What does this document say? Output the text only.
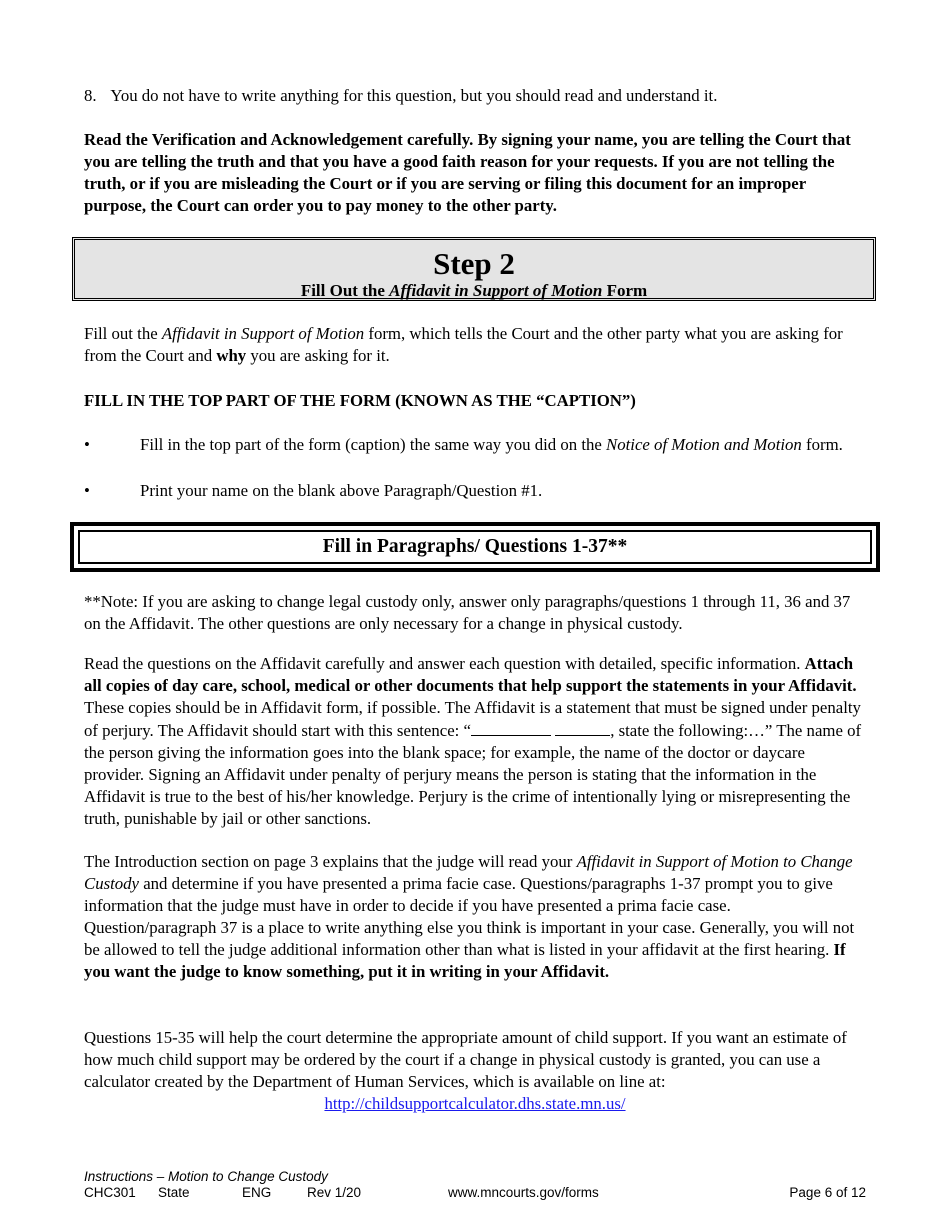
8. You do not have to write anything for this question, but you should read and understand it.

Read the Verification and Acknowledgement carefully. By signing your name, you are telling the Court that you are telling the truth and that you have a good faith reason for your requests. If you are not telling the truth, or if you are misleading the Court or if you are serving or filing this document for an improper purpose, the Court can order you to pay money to the other party.

Step 2
Fill Out the Affidavit in Support of Motion Form

Fill out the Affidavit in Support of Motion form, which tells the Court and the other party what you are asking for from the Court and why you are asking for it.

FILL IN THE TOP PART OF THE FORM (KNOWN AS THE “CAPTION”)

•	Fill in the top part of the form (caption) the same way you did on the Notice of Motion and Motion form.
•	Print your name on the blank above Paragraph/Question #1.
Fill in Paragraphs/ Questions 1-37**

**Note: If you are asking to change legal custody only, answer only paragraphs/questions 1 through 11, 36 and 37 on the Affidavit. The other questions are only necessary for a change in physical custody.

Read the questions on the Affidavit carefully and answer each question with detailed, specific information. Attach all copies of day care, school, medical or other documents that help support the statements in your Affidavit. These copies should be in Affidavit form, if possible. The Affidavit is a statement that must be signed under penalty of perjury. The Affidavit should start with this sentence: “	, state the following:…” The name of the person giving the information goes into the blank space; for example, the name of the doctor or daycare provider. Signing an Affidavit under penalty of perjury means the person is stating that the information in the Affidavit is true to the best of his/her knowledge. Perjury is the crime of intentionally lying or misrepresenting the truth, punishable by jail or other sanctions.

The Introduction section on page 3 explains that the judge will read your Affidavit in Support of Motion to Change Custody and determine if you have presented a prima facie case. Questions/paragraphs 1-37 prompt you to give information that the judge must have in order to decide if you have presented a prima facie case. Question/paragraph 37 is a place to write anything else you think is important in your case. Generally, you will not be allowed to tell the judge additional information other than what is listed in your affidavit at the first hearing. If you want the judge to know something, put it in writing in your Affidavit.

Questions 15-35 will help the court determine the appropriate amount of child support. If you want an estimate of how much child support may be ordered by the court if a change in physical custody is granted, you can use a calculator created by the Department of Human Services, which is available on line at:

http://childsupportcalculator.dhs.state.mn.us/
Instructions – Motion to Change Custody
CHC301 State	ENG	Rev 1/20	www.mncourts.gov/forms	Page 6 of 12
